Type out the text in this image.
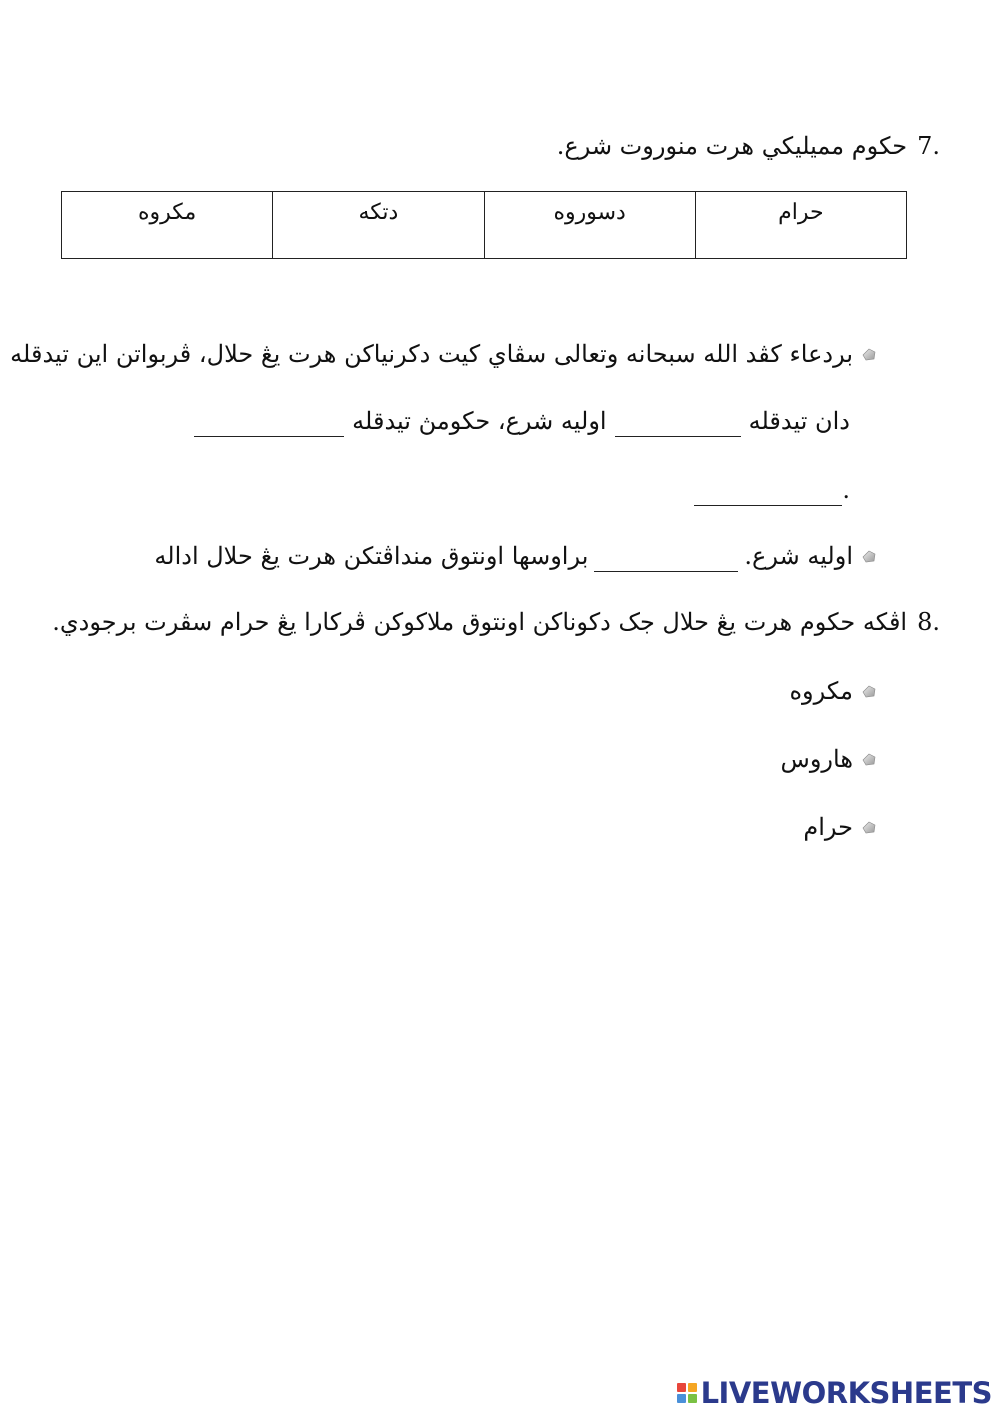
7.
حکوم مميليکي هرت منوروت شرع.
حرام
دسوروه
دتکه
مکروه
بردعاء کڤد الله سبحانه وتعالی سڤاي کيت دکرنياکن هرت يڠ حلال، ڤربواتن اين تيدقله
اوليه شرع، حکومڽ تيدقله	دان تيدقله
.
براوسها اونتوق منداڤتکن هرت يڠ حلال اداله	اوليه شرع.
8.
اڤکه حکوم هرت يڠ حلال جک دکوناکن اونتوق ملاکوکن ڤرکارا يڠ حرام سڤرت برجودي.
مکروه
هاروس
حرام
LIVEWORKSHEETS
